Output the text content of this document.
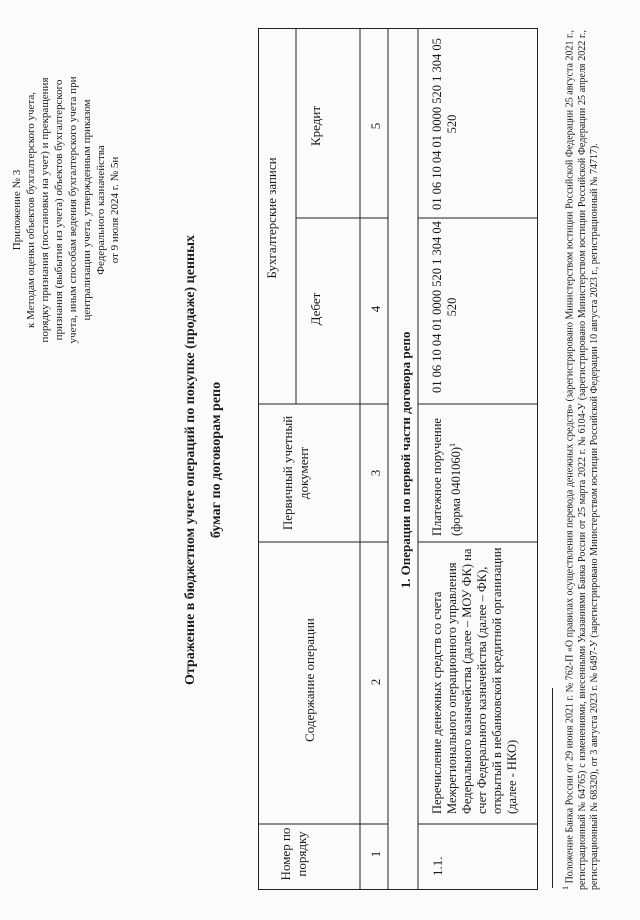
Приложение № 3 к Методам оценки объектов бухгалтерского учета, порядку признания (постановки на учет) и прекращения признания (выбытия из учета) объектов бухгалтерского учета, иным способам ведения бухгалтерского учета при централизации учета, утвержденным приказом Федерального казначейства от 9 июля 2024 г. № 5н
Отражение в бюджетном учете операций по покупке (продаже) ценных бумаг по договорам репо
Номер по порядку
Содержание операции
Первичный учетный документ
Бухгалтерские записи
Дебет
Кредит
1
2
3
4
5
1. Операции по первой части договора репо
1.1.
Перечисление денежных средств со счета Межрегионального операционного управления Федерального казначейства (далее – МОУ ФК) на счет Федерального казначейства (далее – ФК), открытый в небанковской кредитной организации (далее - НКО)
Платежное поручение (форма 0401060)$^1$
01 06 10 04 01 0000 520 1 304 04 520
01 06 10 04 01 0000 520 1 304 05 520
$^1$ Положение Банка России от 29 июня 2021 г. № 762-П «О правилах осуществления перевода денежных средств» (зарегистрировано Министерством юстиции Российской Федерации 25 августа 2021 г., регистрационный № 64765) с изменениями, внесенными Указаниями Банка России от 25 марта 2022 г. № 6104-У (зарегистрировано Министерством юстиции Российской Федерации 25 апреля 2022 г., регистрационный № 68320), от 3 августа 2023 г. № 6497-У (зарегистрировано Министерством юстиции Российской Федерации 10 августа 2023 г., регистрационный № 74717).
